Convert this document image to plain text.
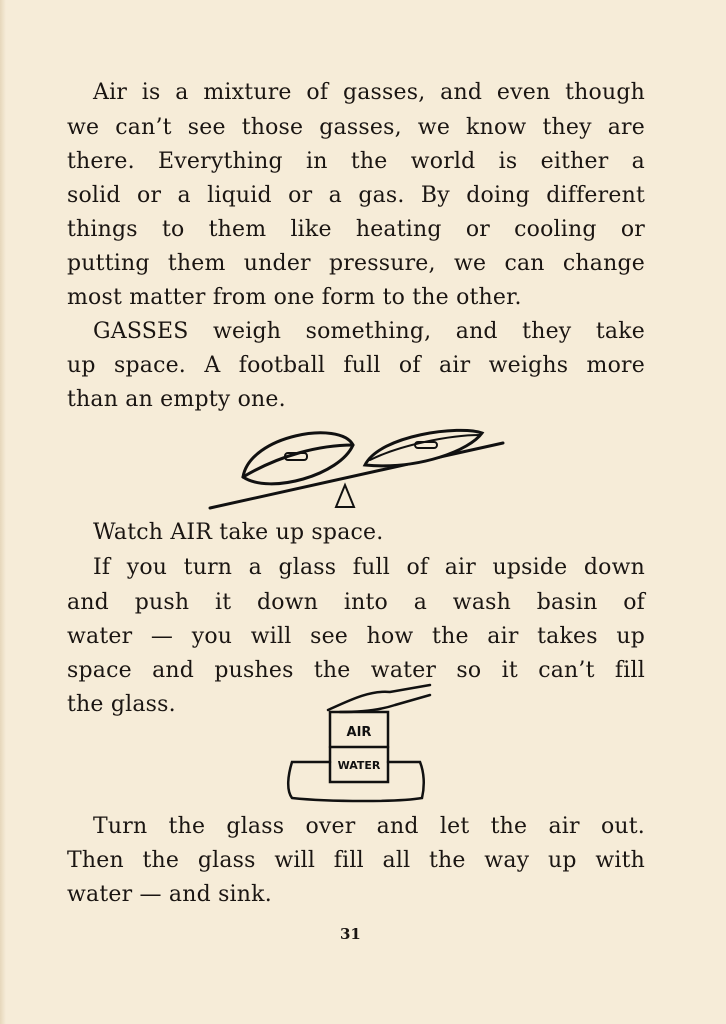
Air is a mixture of gasses, and even though
we can’t see those gasses, we know they are
there. Everything in the world is either a
solid or a liquid or a gas. By doing different
things to them like heating or cooling or
putting them under pressure, we can change
most matter from one form to the other.
GASSES weigh something, and they take
up space. A football full of air weighs more
than an empty one.
Watch AIR take up space.
If you turn a glass full of air upside down
and push it down into a wash basin of
water — you will see how the air takes up
space and pushes the water so it can’t fill
the glass.
AIR
WATER
Turn the glass over and let the air out.
Then the glass will fill all the way up with
water — and sink.
31
